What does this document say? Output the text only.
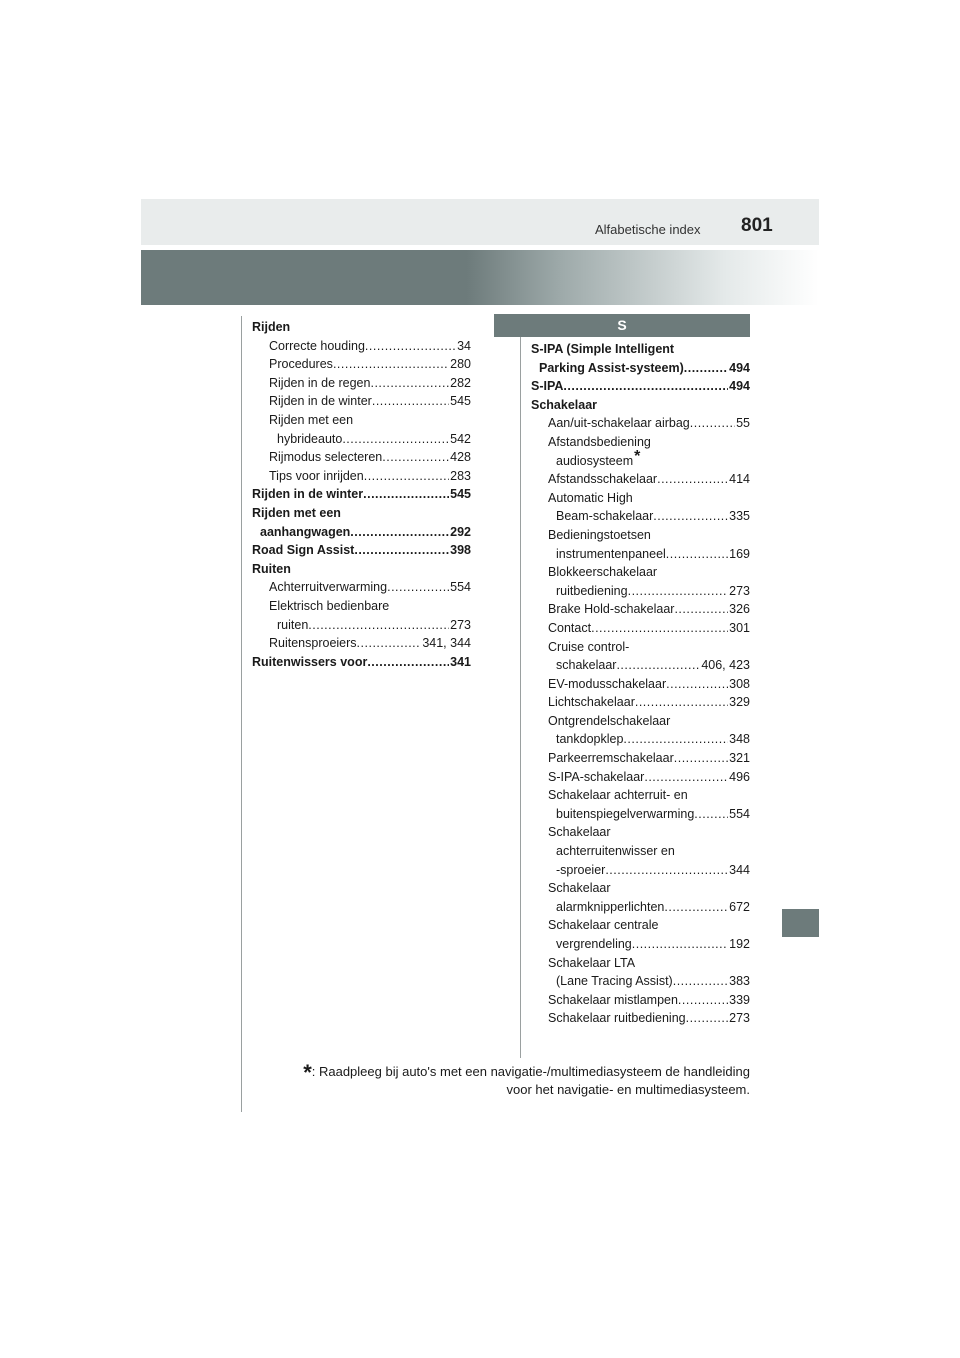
Alfabetische index 801
S
Rijden
Correcte houding .....	34
Procedures .....	280
Rijden in de regen .....	282
Rijden in de winter .....	545
Rijden met een
hybrideauto .....	542
Rijmodus selecteren .....	428
Tips voor inrijden .....	283
Rijden in de winter .....	545
Rijden met een
aanhangwagen .....	292
Road Sign Assist .....	398
Ruiten
Achterruitverwarming .....	554
Elektrisch bedienbare
ruiten .....	273
Ruitensproeiers .....	341, 344
Ruitenwissers voor .....	341
S-IPA (Simple Intelligent
Parking Assist-systeem) .....	494
S-IPA .....	494
Schakelaar
Aan/uit-schakelaar airbag .....	55
Afstandsbediening
audiosysteem*
Afstandsschakelaar .....	414
Automatic High
Beam-schakelaar .....	335
Bedieningstoetsen
instrumentenpaneel .....	169
Blokkeerschakelaar
ruitbediening .....	273
Brake Hold-schakelaar .....	326
Contact .....	301
Cruise control-
schakelaar .....	406, 423
EV-modusschakelaar .....	308
Lichtschakelaar .....	329
Ontgrendelschakelaar
tankdopklep .....	348
Parkeerremschakelaar .....	321
S-IPA-schakelaar .....	496
Schakelaar achterruit- en
buitenspiegelverwarming .....	554
Schakelaar
achterruitenwisser en
-sproeier .....	344
Schakelaar
alarmknipperlichten .....	672
Schakelaar centrale
vergrendeling .....	192
Schakelaar LTA
(Lane Tracing Assist) .....	383
Schakelaar mistlampen .....	339
Schakelaar ruitbediening .....	273
*: Raadpleeg bij auto's met een navigatie-/multimediasysteem de handleiding
voor het navigatie- en multimediasysteem.
